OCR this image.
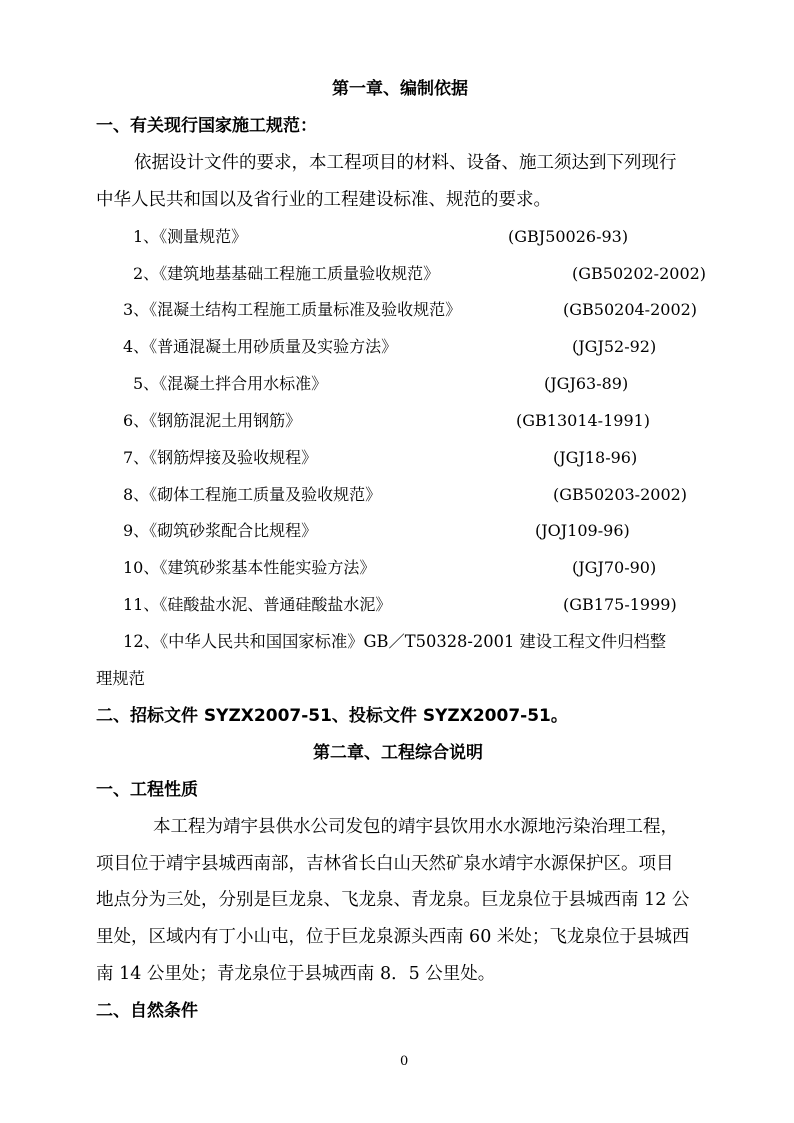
第一章、编制依据
一、有关现行国家施工规范：
依据设计文件的要求，本工程项目的材料、设备、施工须达到下列现行
中华人民共和国以及省行业的工程建设标准、规范的要求。
1、《测量规范》	(GBJ50026-93)
2、《建筑地基基础工程施工质量验收规范》	(GB50202-2002)
3、《混凝土结构工程施工质量标准及验收规范》	(GB50204-2002)
4、《普通混凝土用砂质量及实验方法》	(JGJ52-92)
5、《混凝土拌合用水标准》	(JGJ63-89)
6、《钢筋混泥土用钢筋》	(GB13014-1991)
7、《钢筋焊接及验收规程》	(JGJ18-96)
8、《砌体工程施工质量及验收规范》	(GB50203-2002)
9、《砌筑砂浆配合比规程》	(JOJ109-96)
10、《建筑砂浆基本性能实验方法》	(JGJ70-90)
11、《硅酸盐水泥、普通硅酸盐水泥》	(GB175-1999)
12、《中华人民共和国国家标准》GB／T50328-2001 建设工程文件归档整
理规范
二、招标文件 SYZX2007-51、投标文件 SYZX2007-51。
第二章、工程综合说明
一、工程性质
本工程为靖宇县供水公司发包的靖宇县饮用水水源地污染治理工程，
项目位于靖宇县城西南部，吉林省长白山天然矿泉水靖宇水源保护区。项目
地点分为三处，分别是巨龙泉、飞龙泉、青龙泉。巨龙泉位于县城西南 12 公
里处，区域内有丁小山屯，位于巨龙泉源头西南 60 米处；飞龙泉位于县城西
南 14 公里处；青龙泉位于县城西南 8．5 公里处。
二、自然条件
0
